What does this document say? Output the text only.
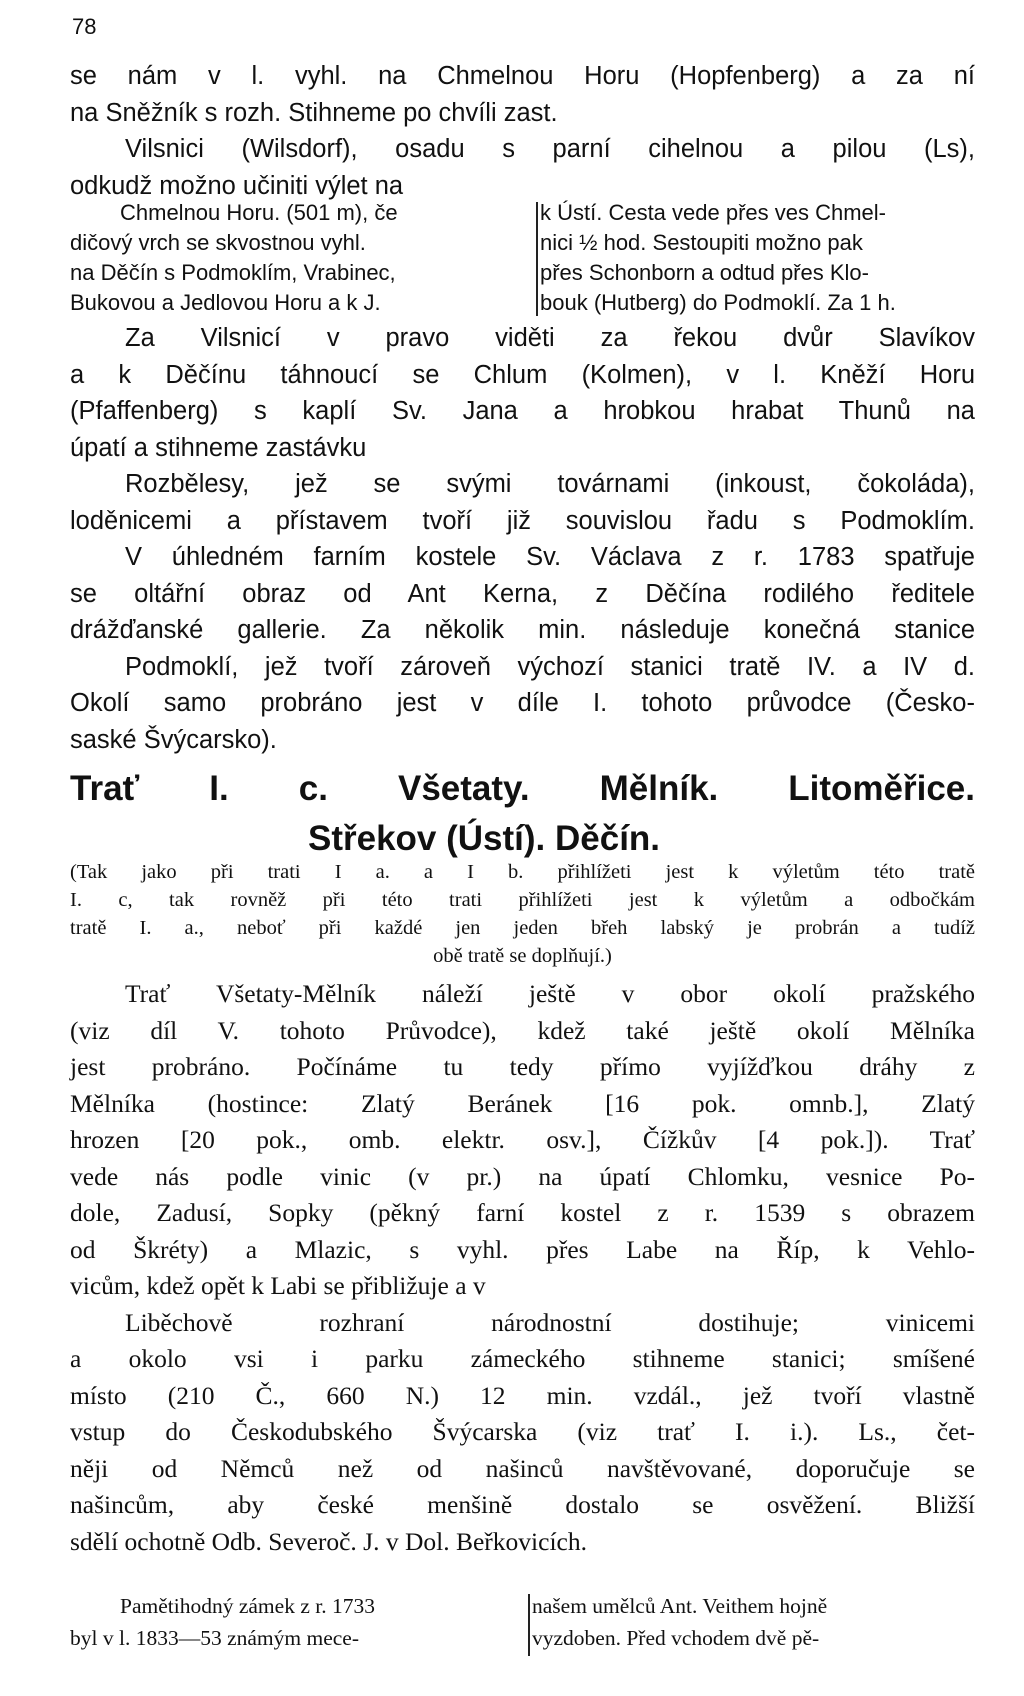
78
se nám v l. vyhl. na Chmelnou Horu (Hopfenberg) a za ní
na Sněžník s rozh. Stihneme po chvíli zast.
Vilsnici (Wilsdorf), osadu s parní cihelnou a pilou (Ls),
odkudž možno učiniti výlet na
Chmelnou Horu. (501 m), če
dičový vrch se skvostnou vyhl.
na Děčín s Podmoklím, Vrabinec,
Bukovou a Jedlovou Horu a k J.
k Ústí. Cesta vede přes ves Chmel-
nici ½ hod. Sestoupiti možno pak
přes Schonborn a odtud přes Klo-
bouk (Hutberg) do Podmoklí. Za 1 h.
Za Vilsnicí v pravo viděti za řekou dvůr Slavíkov
a k Děčínu táhnoucí se Chlum (Kolmen), v l. Kněží Horu
(Pfaffenberg) s kaplí Sv. Jana a hrobkou hrabat Thunů na
úpatí a stihneme zastávku
Rozbělesy, jež se svými továrnami (inkoust, čokoláda),
loděnicemi a přístavem tvoří již souvislou řadu s Podmoklím.
V úhledném farním kostele Sv. Václava z r. 1783 spatřuje
se oltářní obraz od Ant Kerna, z Děčína rodilého ředitele
drážďanské gallerie. Za několik min. následuje konečná stanice
Podmoklí, jež tvoří zároveň výchozí stanici tratě IV. a IV d.
Okolí samo probráno jest v díle I. tohoto průvodce (Česko-
saské Švýcarsko).
Trať I. c. Všetaty. Mělník. Litoměřice.
Střekov (Ústí). Děčín.
(Tak jako při trati I a. a I b. přihlížeti jest k výletům této tratě
I. c, tak rovněž při této trati přihlížeti jest k výletům a odbočkám
tratě I. a., neboť při každé jen jeden břeh labský je probrán a tudíž
obě tratě se doplňují.)
Trať Všetaty-Mělník náleží ještě v obor okolí pražského
(viz díl V. tohoto Průvodce), kdež také ještě okolí Mělníka
jest probráno. Počínáme tu tedy přímo vyjížďkou dráhy z
Mělníka (hostince: Zlatý Beránek [16 pok. omnb.], Zlatý
hrozen [20 pok., omb. elektr. osv.], Čížkův [4 pok.]). Trať
vede nás podle vinic (v pr.) na úpatí Chlomku, vesnice Po-
dole, Zadusí, Sopky (pěkný farní kostel z r. 1539 s obrazem
od Škréty) a Mlazic, s vyhl. přes Labe na Říp, k Vehlo-
vicům, kdež opět k Labi se přibližuje a v
Liběchově rozhraní národnostní dostihuje; vinicemi
a okolo vsi i parku zámeckého stihneme stanici; smíšené
místo (210 Č., 660 N.) 12 min. vzdál., jež tvoří vlastně
vstup do Českodubského Švýcarska (viz trať I. i.). Ls., čet-
něji od Němců než od našinců navštěvované, doporučuje se
našincům, aby české menšině dostalo se osvěžení. Bližší
sdělí ochotně Odb. Severoč. J. v Dol. Beřkovicích.
Pamětihodný zámek z r. 1733
byl v l. 1833—53 známým mece-
našem umělců Ant. Veithem hojně
vyzdoben. Před vchodem dvě pě-
